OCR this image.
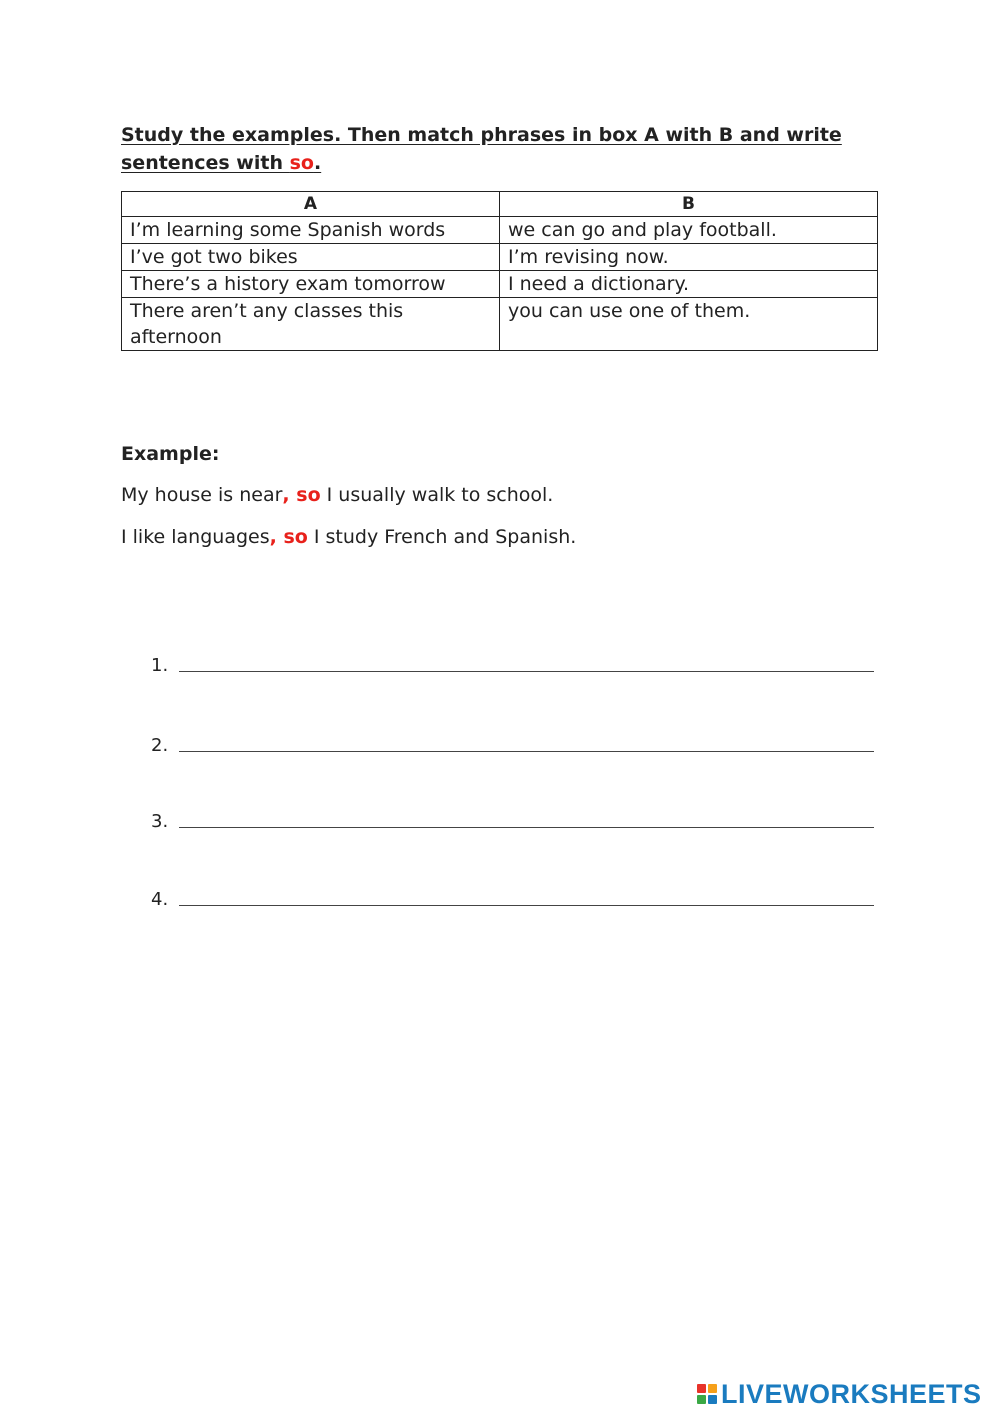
Study the examples. Then match phrases in box A with B and write sentences with so.

A	B
I’m learning some Spanish words	we can go and play football.
I’ve got two bikes	I’m revising now.
There’s a history exam tomorrow	I need a dictionary.
There aren’t any classes this afternoon	you can use one of them.

Example:

My house is near, so I usually walk to school.

I like languages, so I study French and Spanish.

1.
2.
3.
4.
LIVEWORKSHEETS
